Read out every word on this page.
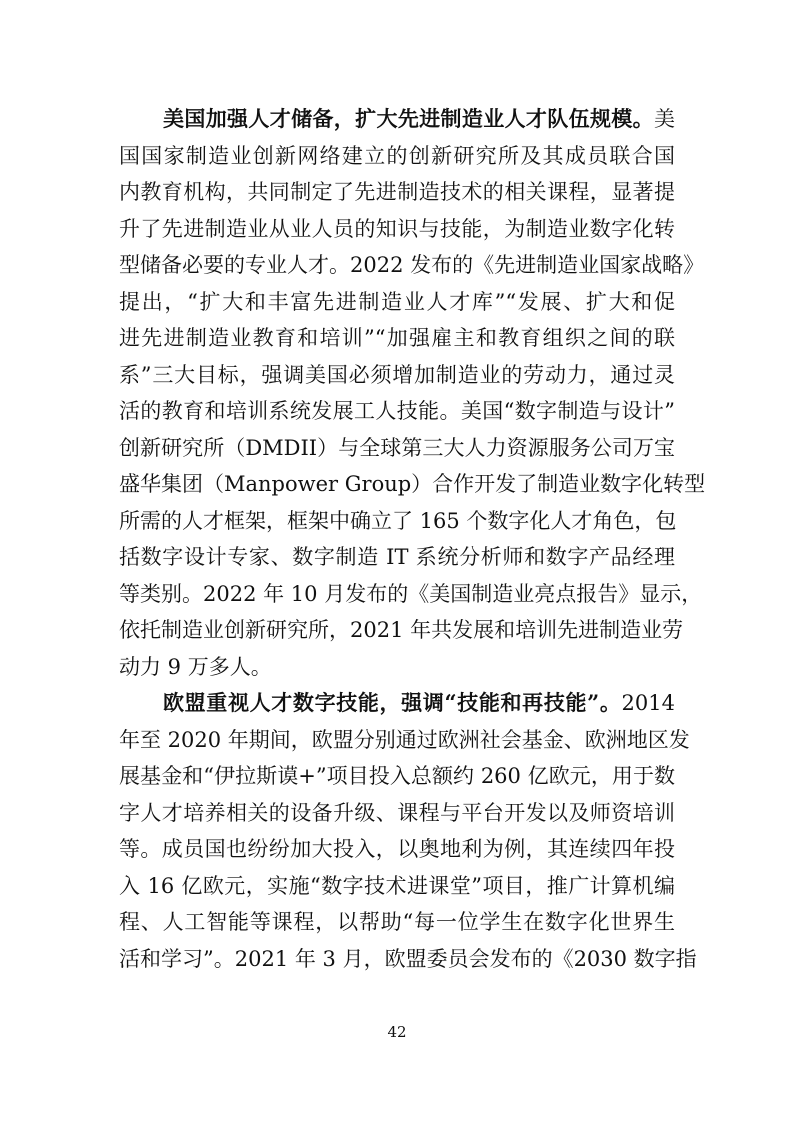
美国加强人才储备，扩大先进制造业人才队伍规模。美
国国家制造业创新网络建立的创新研究所及其成员联合国
内教育机构，共同制定了先进制造技术的相关课程，显著提
升了先进制造业从业人员的知识与技能，为制造业数字化转
型储备必要的专业人才。2022 发布的《先进制造业国家战略》
提出，“扩大和丰富先进制造业人才库”“发展、扩大和促
进先进制造业教育和培训”“加强雇主和教育组织之间的联
系”三大目标，强调美国必须增加制造业的劳动力，通过灵
活的教育和培训系统发展工人技能。美国“数字制造与设计”
创新研究所（DMDII）与全球第三大人力资源服务公司万宝
盛华集团（Manpower Group）合作开发了制造业数字化转型
所需的人才框架，框架中确立了 165 个数字化人才角色，包
括数字设计专家、数字制造 IT 系统分析师和数字产品经理
等类别。2022 年 10 月发布的《美国制造业亮点报告》显示，
依托制造业创新研究所，2021 年共发展和培训先进制造业劳
动力 9 万多人。
欧盟重视人才数字技能，强调“技能和再技能”。2014
年至 2020 年期间，欧盟分别通过欧洲社会基金、欧洲地区发
展基金和“伊拉斯谟+”项目投入总额约 260 亿欧元，用于数
字人才培养相关的设备升级、课程与平台开发以及师资培训
等。成员国也纷纷加大投入，以奥地利为例，其连续四年投
入 16 亿欧元，实施“数字技术进课堂”项目，推广计算机编
程、人工智能等课程，以帮助“每一位学生在数字化世界生
活和学习”。2021 年 3 月，欧盟委员会发布的《2030 数字指
42
